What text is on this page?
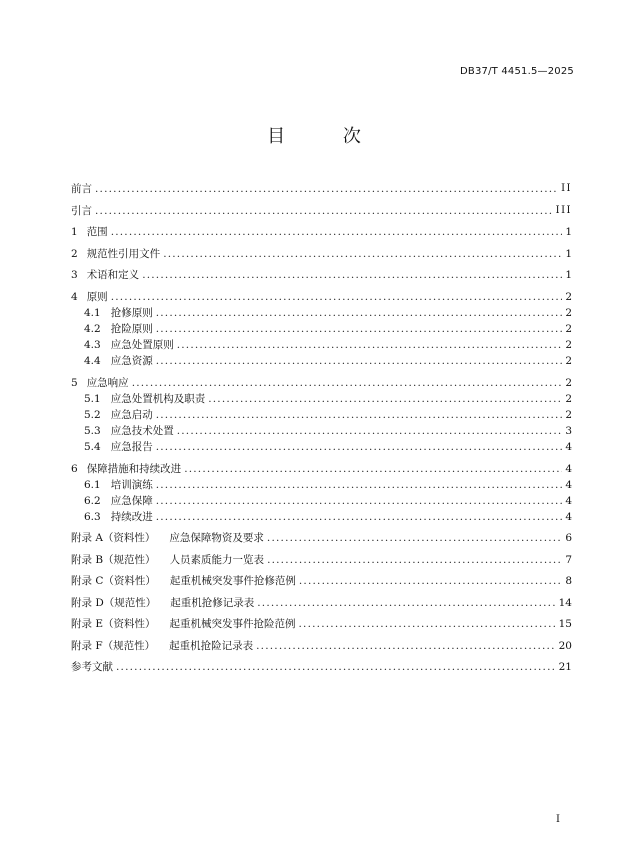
DB37/T 4451.5—2025
目 次
前言 .....	II
引言 .....	III
1 范围 .....	1
2 规范性引用文件 .....	1
3 术语和定义 .....	1
4 原则 .....	2
4.1 抢修原则 .....	2
4.2 抢险原则 .....	2
4.3 应急处置原则 .....	2
4.4 应急资源 .....	2
5 应急响应 .....	2
5.1 应急处置机构及职责 .....	2
5.2 应急启动 .....	2
5.3 应急技术处置 .....	3
5.4 应急报告 .....	4
6 保障措施和持续改进 .....	4
6.1 培训演练 .....	4
6.2 应急保障 .....	4
6.3 持续改进 .....	4
附录 A（资料性） 应急保障物资及要求 .....	6
附录 B（规范性） 人员素质能力一览表 .....	7
附录 C（资料性） 起重机械突发事件抢修范例 .....	8
附录 D（规范性） 起重机抢修记录表 .....	14
附录 E（资料性） 起重机械突发事件抢险范例 .....	15
附录 F（规范性） 起重机抢险记录表 .....	20
参考文献 .....	21
I
